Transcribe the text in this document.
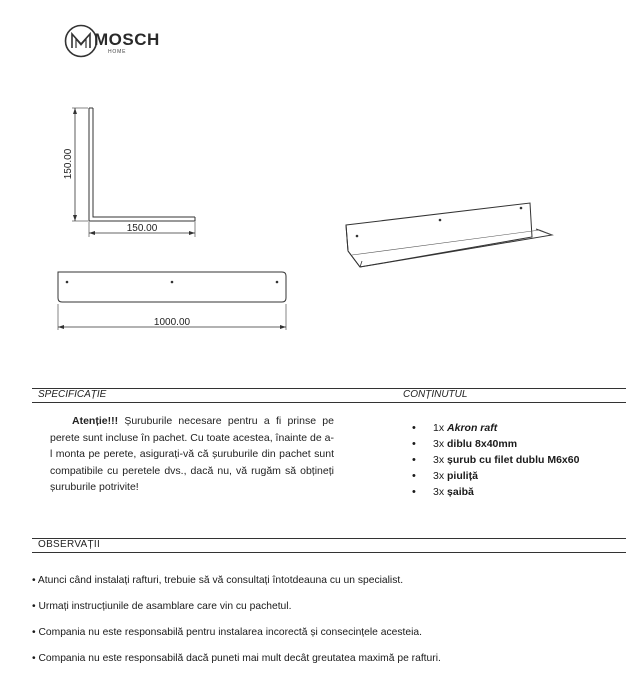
MOSCH
HOME
150.00
150.00
1000.00
SPECIFICAȚIE	CONȚINUTUL
Atenție!!! Șuruburile necesare pentru a fi prinse pe perete sunt incluse în pachet. Cu toate acestea, înainte de a-l monta pe perete, asigurați-vă că șuruburile din pachet sunt compatibile cu peretele dvs., dacă nu, vă rugăm să obțineți șuruburile potrivite!
• 1x Akron raft
• 3x diblu 8x40mm
• 3x șurub cu filet dublu M6x60
• 3x piuliță
• 3x șaibă
OBSERVAȚII
• Atunci când instalați rafturi, trebuie să vă consultați întotdeauna cu un specialist.
• Urmați instrucțiunile de asamblare care vin cu pachetul.
• Compania nu este responsabilă pentru instalarea incorectă și consecințele acesteia.
• Compania nu este responsabilă dacă puneti mai mult decât greutatea maximă pe rafturi.
